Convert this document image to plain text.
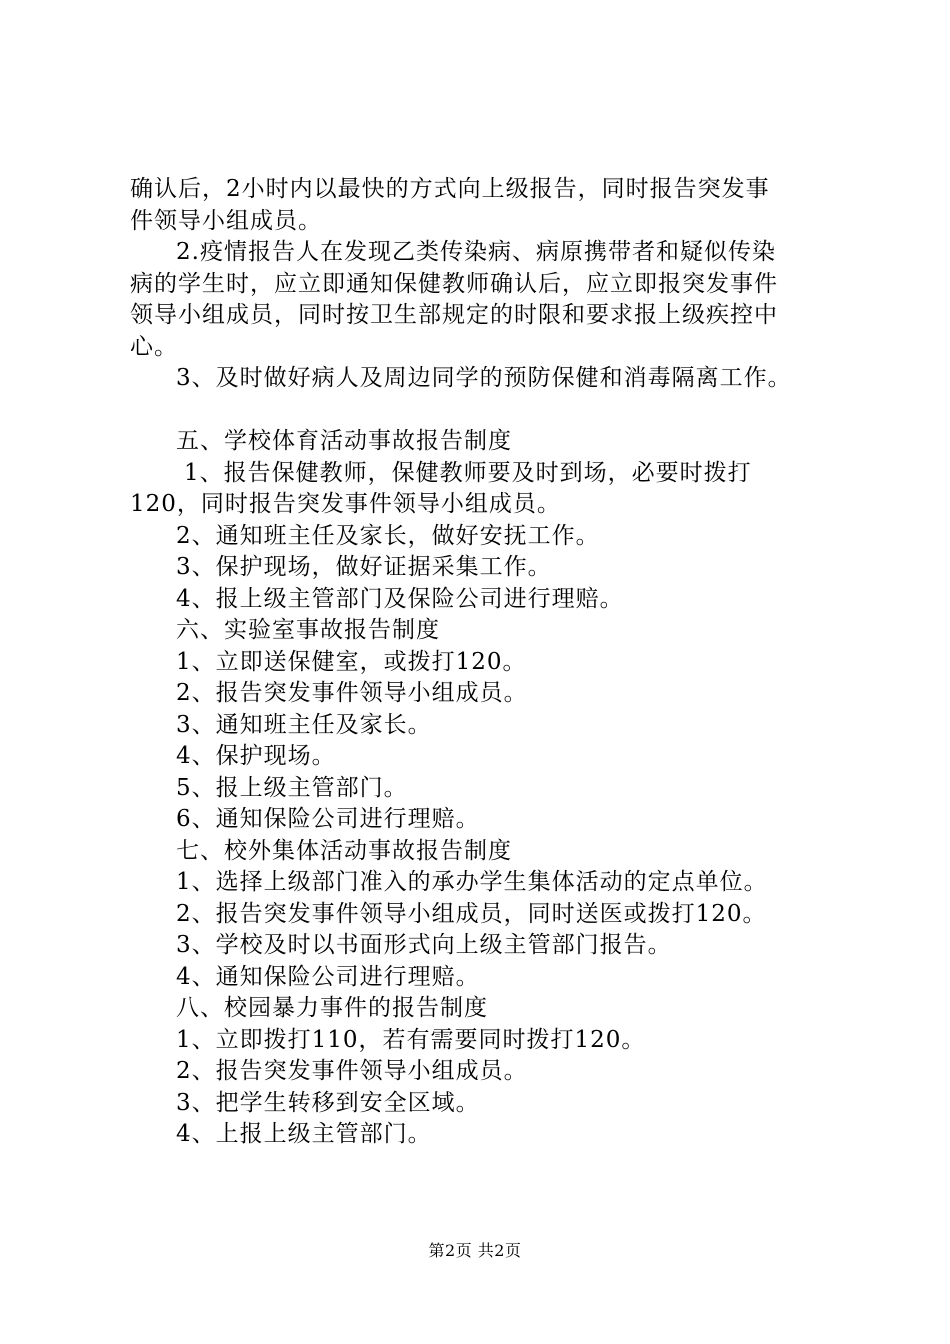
确认后，2小时内以最快的方式向上级报告，同时报告突发事
件领导小组成员。
2.疫情报告人在发现乙类传染病、病原携带者和疑似传染
病的学生时，应立即通知保健教师确认后，应立即报突发事件
领导小组成员，同时按卫生部规定的时限和要求报上级疾控中
心。
3、及时做好病人及周边同学的预防保健和消毒隔离工作。
五、学校体育活动事故报告制度
1、报告保健教师，保健教师要及时到场，必要时拨打
120，同时报告突发事件领导小组成员。
2、通知班主任及家长，做好安抚工作。
3、保护现场，做好证据采集工作。
4、报上级主管部门及保险公司进行理赔。
六、实验室事故报告制度
1、立即送保健室，或拨打120。
2、报告突发事件领导小组成员。
3、通知班主任及家长。
4、保护现场。
5、报上级主管部门。
6、通知保险公司进行理赔。
七、校外集体活动事故报告制度
1、选择上级部门准入的承办学生集体活动的定点单位。
2、报告突发事件领导小组成员，同时送医或拨打120。
3、学校及时以书面形式向上级主管部门报告。
4、通知保险公司进行理赔。
八、校园暴力事件的报告制度
1、立即拨打110，若有需要同时拨打120。
2、报告突发事件领导小组成员。
3、把学生转移到安全区域。
4、上报上级主管部门。
第2页 共2页
